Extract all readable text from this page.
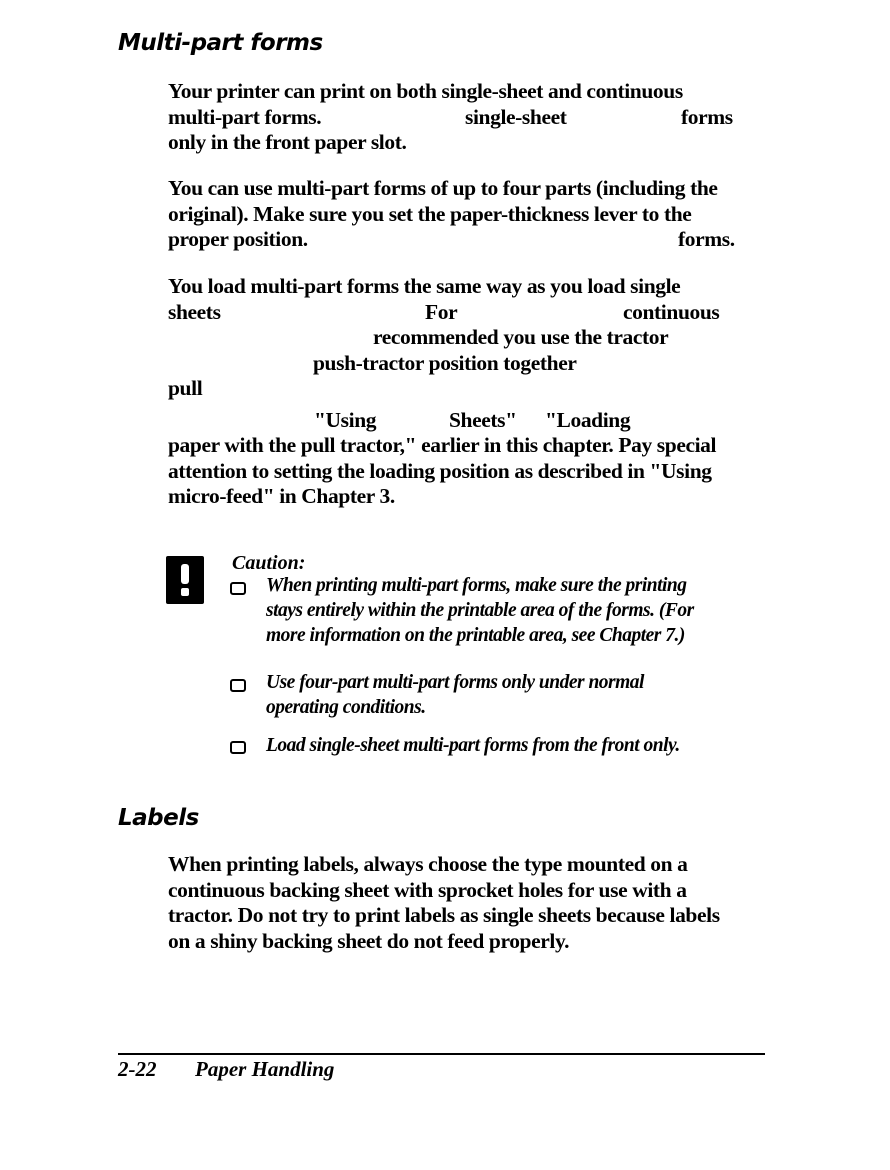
Multi-part forms
Your printer can print on both single-sheet and continuous
multi-part forms.	single-sheet	forms
only in the front paper slot.
You can use multi-part forms of up to four parts (including the
original). Make sure you set the paper-thickness lever to the
proper position.	forms.
You load multi-part forms the same way as you load single
sheets	For	continuous
recommended you use the tractor
push-tractor position together
pull
"Using	Sheets" "Loading
paper with the pull tractor," earlier in this chapter. Pay special
attention to setting the loading position as described in "Using
micro-feed" in Chapter 3.
Caution:
When printing multi-part forms, make sure the printing
stays entirely within the printable area of the forms. (For
more information on the printable area, see Chapter 7.)
Use four-part multi-part forms only under normal
operating conditions.
Load single-sheet multi-part forms from the front only.
Labels
When printing labels, always choose the type mounted on a
continuous backing sheet with sprocket holes for use with a
tractor. Do not try to print labels as single sheets because labels
on a shiny backing sheet do not feed properly.
2-22 Paper Handling
